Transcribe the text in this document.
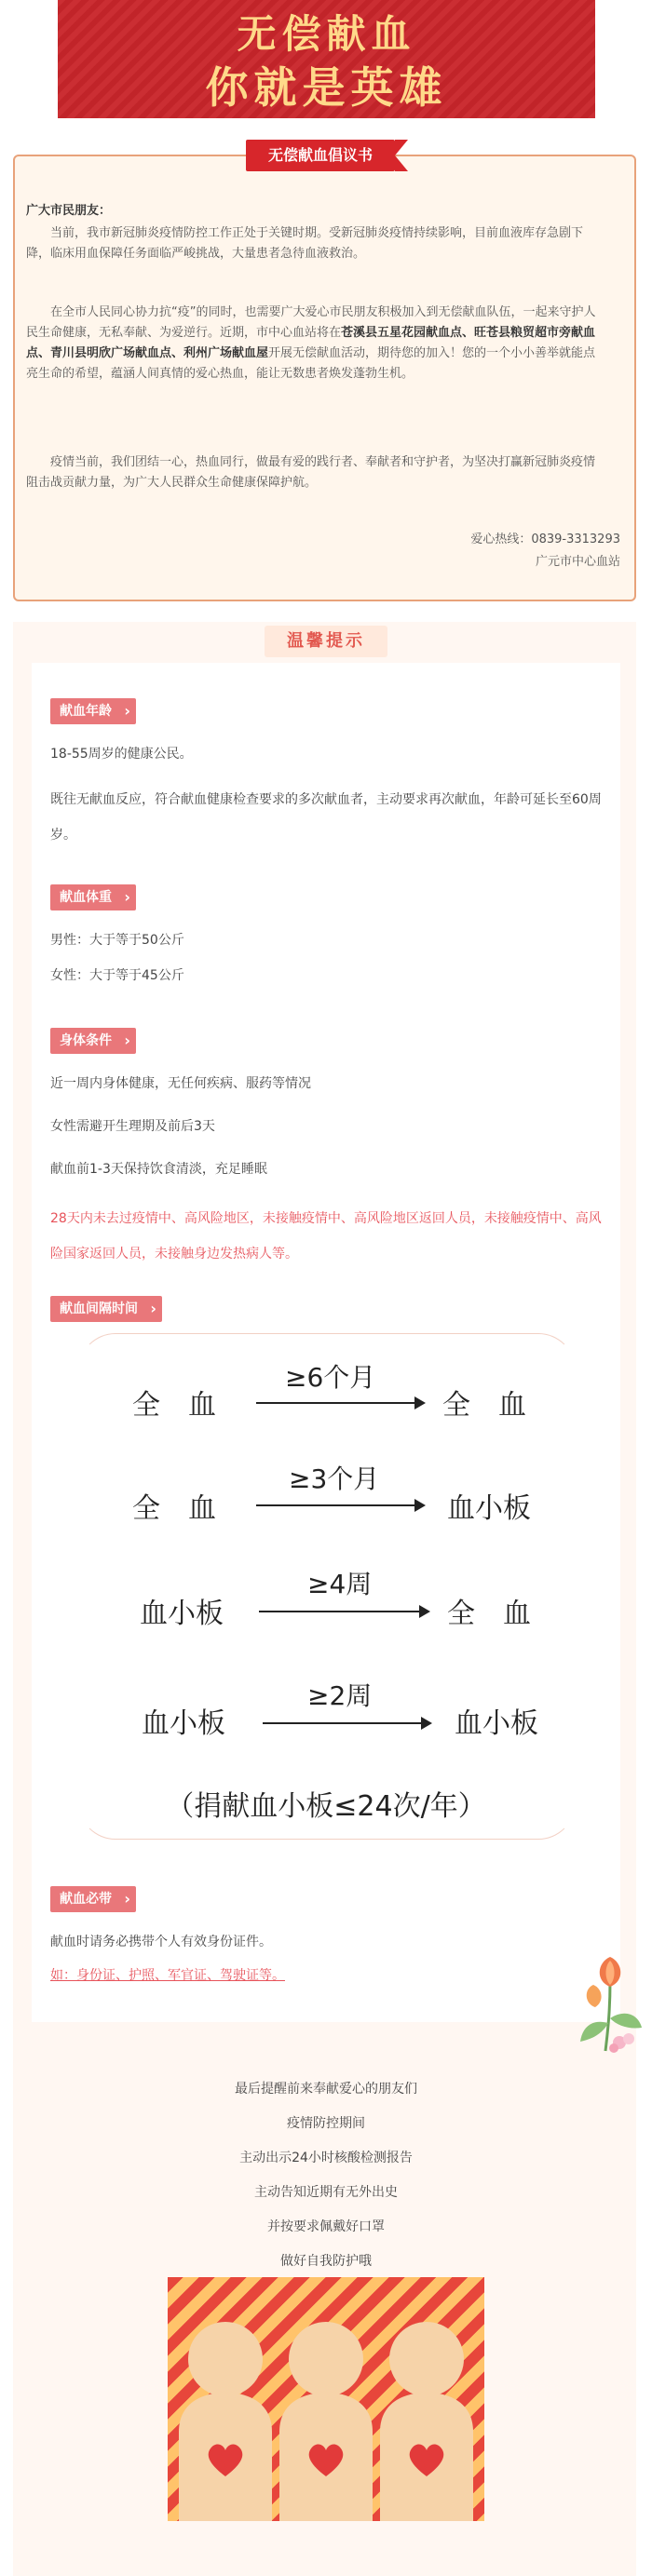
无偿献血
你就是英雄
无偿献血倡议书
广大市民朋友：
当前，我市新冠肺炎疫情防控工作正处于关键时期。受新冠肺炎疫情持续影响，目前血液库存急剧下降，临床用血保障任务面临严峻挑战，大量患者急待血液救治。
在全市人民同心协力抗“疫”的同时，也需要广大爱心市民朋友积极加入到无偿献血队伍，一起来守护人民生命健康，无私奉献、为爱逆行。近期，市中心血站将在苍溪县五星花园献血点、旺苍县粮贸超市旁献血点、青川县明欣广场献血点、利州广场献血屋开展无偿献血活动，期待您的加入！您的一个小小善举就能点亮生命的希望，蕴涵人间真情的爱心热血，能让无数患者焕发蓬勃生机。
疫情当前，我们团结一心，热血同行，做最有爱的践行者、奉献者和守护者，为坚决打赢新冠肺炎疫情阻击战贡献力量，为广大人民群众生命健康保障护航。
爱心热线：0839-3313293
广元市中心血站
温馨提示
献血年龄 ›
18-55周岁的健康公民。
既往无献血反应，符合献血健康检查要求的多次献血者，主动要求再次献血，年龄可延长至60周岁。
献血体重 ›
男性：大于等于50公斤
女性：大于等于45公斤
身体条件 ›
近一周内身体健康，无任何疾病、服药等情况
女性需避开生理期及前后3天
献血前1-3天保持饮食清淡，充足睡眠
28天内未去过疫情中、高风险地区，未接触疫情中、高风险地区返回人员，未接触疫情中、高风险国家返回人员，未接触身边发热病人等。
献血间隔时间 ›
全　血
≥6个月
全　血
全　血
≥3个月
血小板
血小板
≥4周
全　血
血小板
≥2周
血小板
（捐献血小板≤24次/年）
献血必带 ›
献血时请务必携带个人有效身份证件。
如：身份证、护照、军官证、驾驶证等。
最后提醒前来奉献爱心的朋友们
疫情防控期间
主动出示24小时核酸检测报告
主动告知近期有无外出史
并按要求佩戴好口罩
做好自我防护哦
